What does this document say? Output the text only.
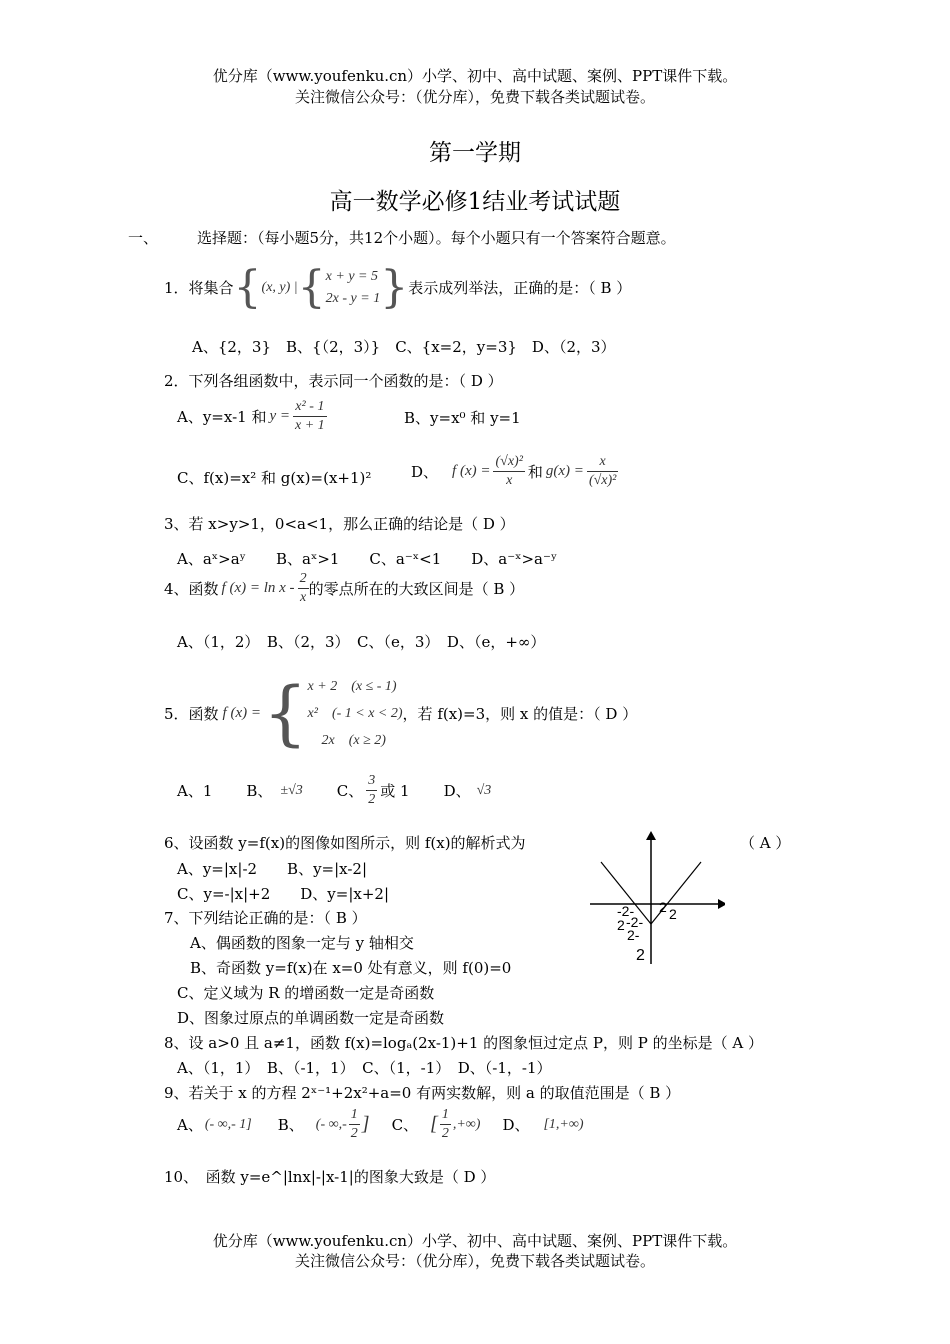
优分库（www.youfenku.cn）小学、初中、高中试题、案例、PPT课件下载。
关注微信公众号：（优分库），免费下载各类试题试卷。
第一学期
高一数学必修1结业考试试题
一、	选择题：（每小题5分，共12个小题）。每个小题只有一个答案符合题意。
1．将集合 { (x, y) | { x + y = 5
2x - y = 1 } 表示成列举法，正确的是：（ B ）
A、{2，3}　B、{（2，3）}　C、{x=2，y=3}　D、（2，3）
2．下列各组函数中，表示同一个函数的是：（ D ）
A、y=x-1 和 $y = \frac{\text{x² - 1}}{x + 1}$	B、y=x⁰ 和 y=1
C、f(x)=x² 和 g(x)=(x+1)²	D、 f $(x) = \frac{\text{(√x)²}}{x}$ 和 $g(x) = \frac{x}{\text{(√x)²}}$
3、若 x>y>1，0<a<1，那么正确的结论是（ D ）
A、aˣ>aʸ　　B、aˣ>1　　C、a⁻ˣ<1　　D、a⁻ˣ>a⁻ʸ
4、函数 f $(x) = \ln x - \frac{2}{x}$ 的零点所在的大致区间是（ B ）
A、（1，2）　B、（2，3）　C、（e，3）　D、（e，+∞）
5．函数 f (x) = { x + 2　(x ≤ - 1)
x²　(- 1 < x < 2)
2x　(x ≥ 2)
，若 f(x)=3，则 x 的值是：（ D ）
A、1 B、 ±√3 C、 $\frac{3}{2}$ 或 1 D、 √3
6、设函数 y=f(x)的图像如图所示，则 f(x)的解析式为	（ A ）
A、y=|x|-2　　B、y=|x-2|
C、y=-|x|+2　　D、y=|x+2|
-2- 2 2
-2-
2
2-
2
7、下列结论正确的是：（ B ）
A、偶函数的图象一定与 y 轴相交
B、奇函数 y=f(x)在 x=0 处有意义，则 f(0)=0
C、定义域为 R 的增函数一定是奇函数
D、图象过原点的单调函数一定是奇函数
8、设 a>0 且 a≠1，函数 f(x)=logₐ(2x-1)+1 的图象恒过定点 P，则 P 的坐标是（ A ）
A、（1，1）　B、（-1，1）　C、（1，-1）　D、（-1，-1）
9、若关于 x 的方程 2ˣ⁻¹+2x²+a=0 有两实数解，则 a 的取值范围是（ B ）
A、 (- ∞,- 1] B、 (- ∞,- $\frac{1}{2}$ ] C、 [ $\frac{1}{2}$ ,+∞) D、 [1,+∞)
10、　函数 y=e^|lnx|-|x-1|的图象大致是（ D ）
优分库（www.youfenku.cn）小学、初中、高中试题、案例、PPT课件下载。
关注微信公众号：（优分库），免费下载各类试题试卷。
